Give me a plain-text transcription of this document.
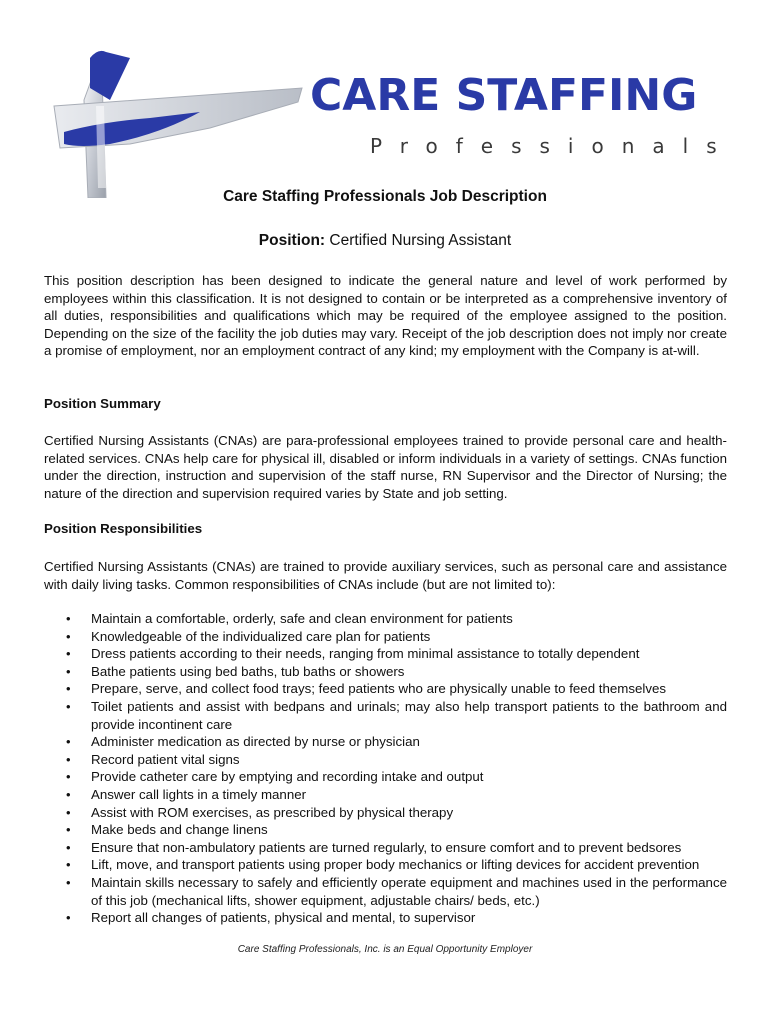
CARE STAFFING
Professionals
Care Staffing Professionals Job Description
Position: Certified Nursing Assistant
This position description has been designed to indicate the general nature and level of work performed by employees within this classification. It is not designed to contain or be interpreted as a comprehensive inventory of all duties, responsibilities and qualifications which may be required of the employee assigned to the position. Depending on the size of the facility the job duties may vary. Receipt of the job description does not imply nor create a promise of employment, nor an employment contract of any kind; my employment with the Company is at-will.
Position Summary
Certified Nursing Assistants (CNAs) are para-professional employees trained to provide personal care and health-related services. CNAs help care for physical ill, disabled or inform individuals in a variety of settings. CNAs function under the direction, instruction and supervision of the staff nurse, RN Supervisor and the Director of Nursing; the nature of the direction and supervision required varies by State and job setting.
Position Responsibilities
Certified Nursing Assistants (CNAs) are trained to provide auxiliary services, such as personal care and assistance with daily living tasks. Common responsibilities of CNAs include (but are not limited to):
• Maintain a comfortable, orderly, safe and clean environment for patients
• Knowledgeable of the individualized care plan for patients
• Dress patients according to their needs, ranging from minimal assistance to totally dependent
• Bathe patients using bed baths, tub baths or showers
• Prepare, serve, and collect food trays; feed patients who are physically unable to feed themselves
• Toilet patients and assist with bedpans and urinals; may also help transport patients to the bathroom and provide incontinent care
• Administer medication as directed by nurse or physician
• Record patient vital signs
• Provide catheter care by emptying and recording intake and output
• Answer call lights in a timely manner
• Assist with ROM exercises, as prescribed by physical therapy
• Make beds and change linens
• Ensure that non-ambulatory patients are turned regularly, to ensure comfort and to prevent bedsores
• Lift, move, and transport patients using proper body mechanics or lifting devices for accident prevention
• Maintain skills necessary to safely and efficiently operate equipment and machines used in the performance of this job (mechanical lifts, shower equipment, adjustable chairs/ beds, etc.)
• Report all changes of patients, physical and mental, to supervisor
Care Staffing Professionals, Inc. is an Equal Opportunity Employer
